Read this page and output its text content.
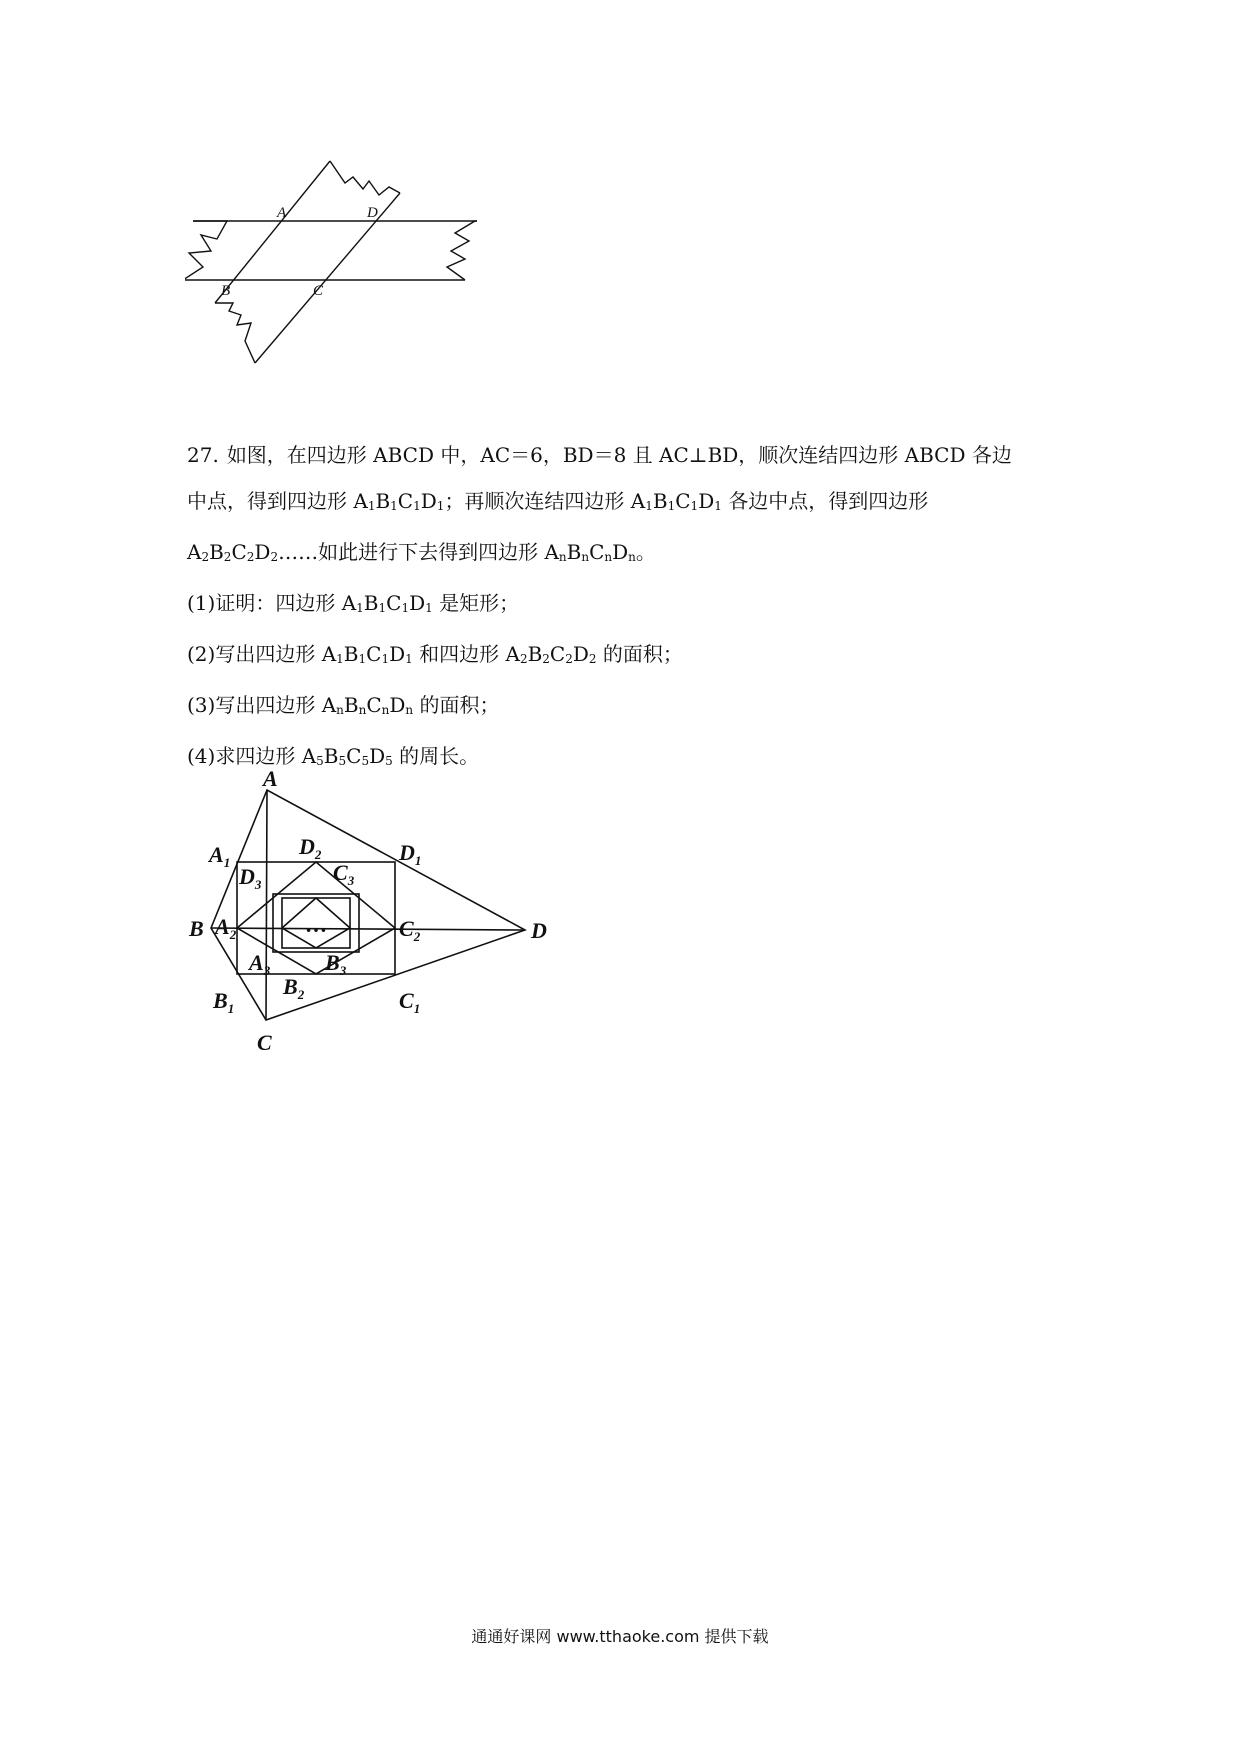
A	D
B	C

27. 如图，在四边形 ABCD 中，AC＝6，BD＝8 且 AC⊥BD，顺次连结四边形 ABCD 各边

中点，得到四边形 $A_1B_1C_1D_1$；再顺次连结四边形 $A_1B_1C_1D_1$ 各边中点，得到四边形

$A_2B_2C_2D_2\dots\dots$如此进行下去得到四边形 $A_nB_nC_nD_n$。

(1)证明：四边形 $A_1B_1C_1D_1$ 是矩形；

(2)写出四边形 $A_1B_1C_1D_1$ 和四边形 $A_2B_2C_2D_2$ 的面积；

(3)写出四边形 $A_nB_nC_nD_n$ 的面积；

(4)求四边形 $A_5B_5C_5D_5$ 的周长。

A
B
C
D
$A_1$
$B_1$	$C_1$
$D_1$
$A_2$
$B_2$
$C_2$
$D_2$
$A_3$ $B_3$
$C_3$
$D_3$
…
通通好课网 www.tthaoke.com 提供下载
